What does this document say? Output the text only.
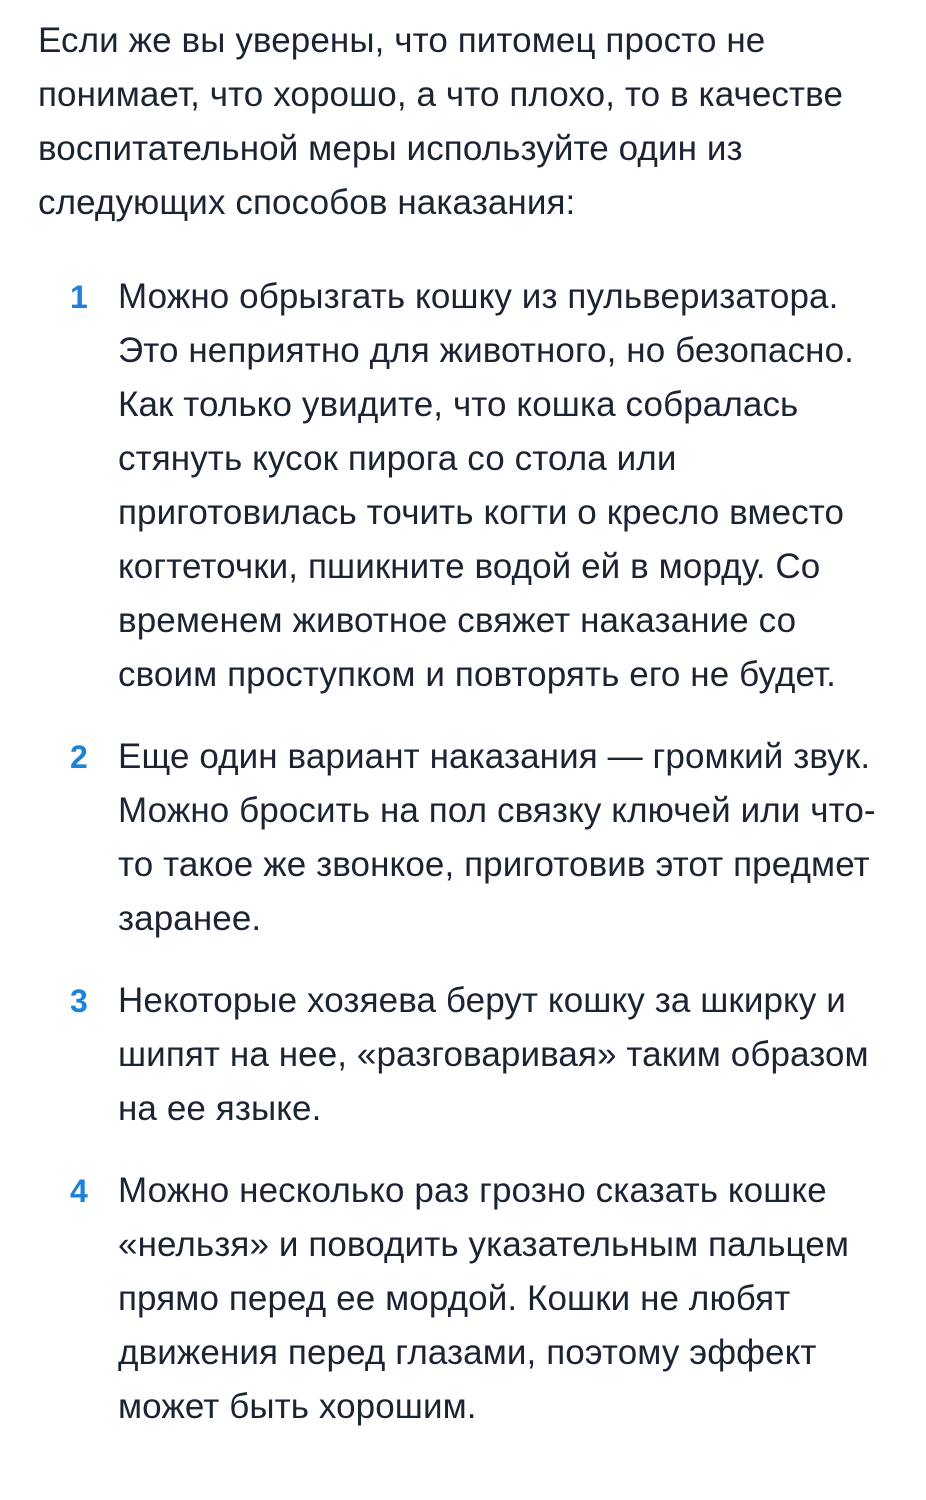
Если же вы уверены, что питомец просто не понимает, что хорошо, а что плохо, то в качестве воспитательной меры используйте один из следующих способов наказания:

1 Можно обрызгать кошку из пульверизатора. Это неприятно для животного, но безопасно. Как только увидите, что кошка собралась стянуть кусок пирога со стола или приготовилась точить когти о кресло вместо когтеточки, пшикните водой ей в морду. Со временем животное свяжет наказание со своим проступком и повторять его не будет.
2 Еще один вариант наказания — громкий звук. Можно бросить на пол связку ключей или что-то такое же звонкое, приготовив этот предмет заранее.
3 Некоторые хозяева берут кошку за шкирку и шипят на нее, «разговаривая» таким образом на ее языке.
4 Можно несколько раз грозно сказать кошке «нельзя» и поводить указательным пальцем прямо перед ее мордой. Кошки не любят движения перед глазами, поэтому эффект может быть хорошим.
